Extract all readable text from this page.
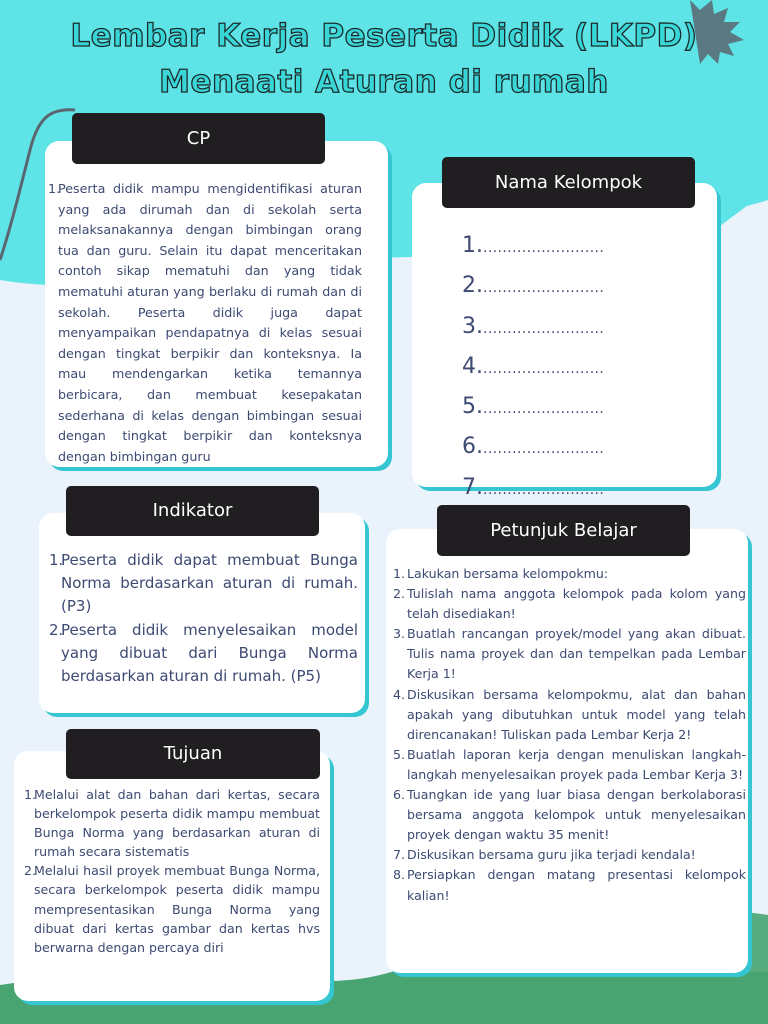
Lembar Kerja Peserta Didik (LKPD)
Menaati Aturan di rumah
1.
Peserta didik mampu mengidentifikasi aturan yang ada dirumah dan di sekolah serta melaksanakannya dengan bimbingan orang tua dan guru. Selain itu dapat menceritakan contoh sikap mematuhi dan yang tidak mematuhi aturan yang berlaku di rumah dan di sekolah. Peserta didik juga dapat menyampaikan pendapatnya di kelas sesuai dengan tingkat berpikir dan konteksnya. Ia mau mendengarkan ketika temannya berbicara, dan membuat kesepakatan sederhana di kelas dengan bimbingan sesuai dengan tingkat berpikir dan konteksnya dengan bimbingan guru
CP
Nama Kelompok
1..........................
2..........................
3..........................
4..........................
5..........................
6..........................
7..........................
1.
Peserta didik dapat membuat Bunga Norma berdasarkan aturan di rumah. (P3)
2.
Peserta didik menyelesaikan model yang dibuat dari Bunga Norma berdasarkan aturan di rumah. (P5)
Indikator
1. Lakukan bersama kelompokmu:
2. Tulislah nama anggota kelompok pada kolom yang telah disediakan!
3. Buatlah rancangan proyek/model yang akan dibuat. Tulis nama proyek dan dan tempelkan pada Lembar Kerja 1!
4. Diskusikan bersama kelompokmu, alat dan bahan apakah yang dibutuhkan untuk model yang telah direncanakan! Tuliskan pada Lembar Kerja 2!
5. Buatlah laporan kerja dengan menuliskan langkah-langkah menyelesaikan proyek pada Lembar Kerja 3!
6. Tuangkan ide yang luar biasa dengan berkolaborasi bersama anggota kelompok untuk menyelesaikan proyek dengan waktu 35 menit!
7. Diskusikan bersama guru jika terjadi kendala!
8. Persiapkan dengan matang presentasi kelompok kalian!
Petunjuk Belajar
1.
Melalui alat dan bahan dari kertas, secara berkelompok peserta didik mampu membuat Bunga Norma yang berdasarkan aturan di rumah secara sistematis
2.
Melalui hasil proyek membuat Bunga Norma, secara berkelompok peserta didik mampu mempresentasikan Bunga Norma yang dibuat dari kertas gambar dan kertas hvs berwarna dengan percaya diri
Tujuan
